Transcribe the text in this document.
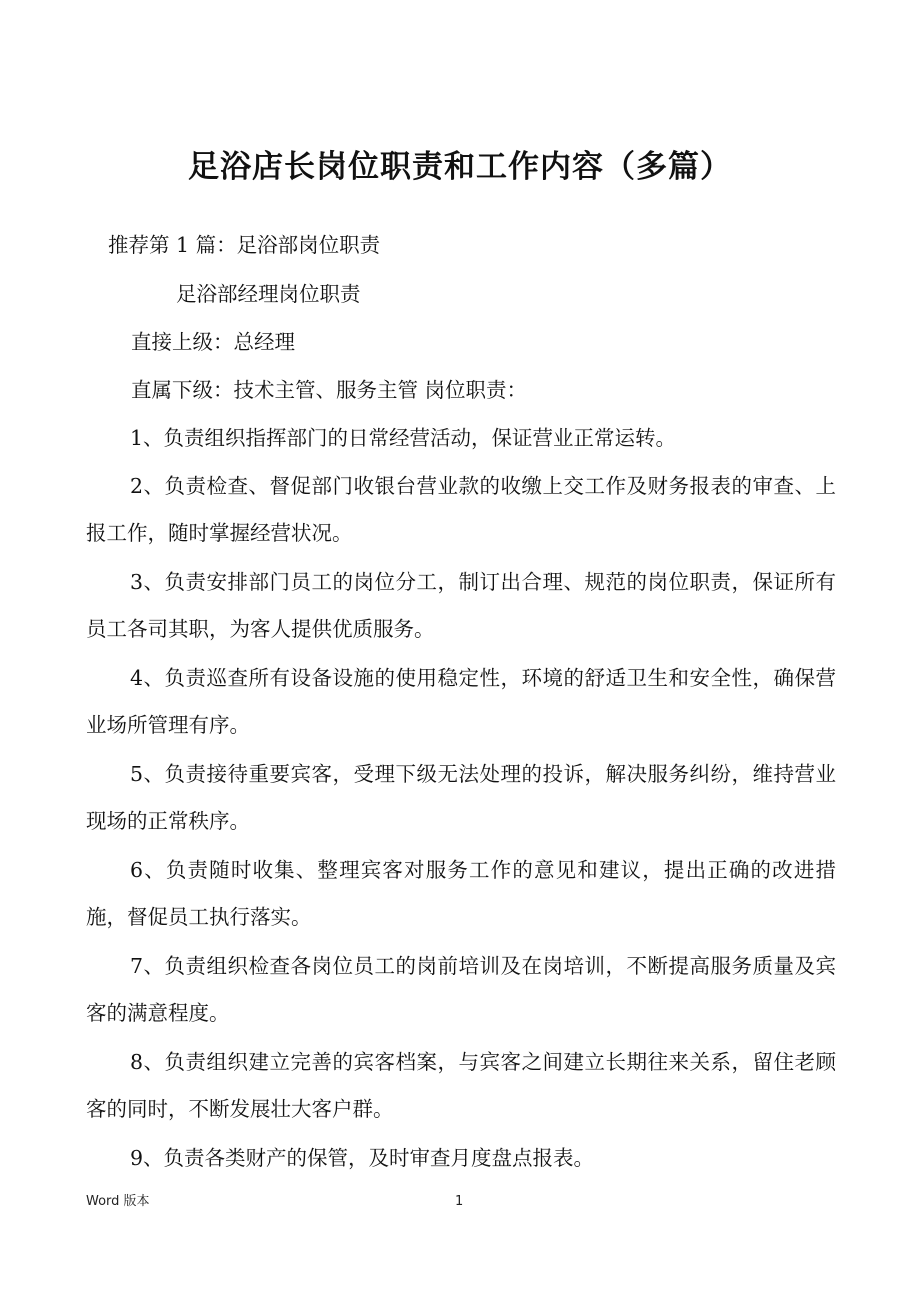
足浴店长岗位职责和工作内容（多篇）

推荐第 1 篇：足浴部岗位职责

足浴部经理岗位职责

直接上级：总经理

直属下级：技术主管、服务主管 岗位职责：

1、负责组织指挥部门的日常经营活动，保证营业正常运转。

2、负责检查、督促部门收银台营业款的收缴上交工作及财务报表的审查、上报工作，随时掌握经营状况。

3、负责安排部门员工的岗位分工，制订出合理、规范的岗位职责，保证所有员工各司其职，为客人提供优质服务。

4、负责巡查所有设备设施的使用稳定性，环境的舒适卫生和安全性，确保营业场所管理有序。

5、负责接待重要宾客，受理下级无法处理的投诉，解决服务纠纷，维持营业现场的正常秩序。

6、负责随时收集、整理宾客对服务工作的意见和建议，提出正确的改进措施，督促员工执行落实。

7、负责组织检查各岗位员工的岗前培训及在岗培训，不断提高服务质量及宾客的满意程度。

8、负责组织建立完善的宾客档案，与宾客之间建立长期往来关系，留住老顾客的同时，不断发展壮大客户群。

9、负责各类财产的保管，及时审查月度盘点报表。

Word 版本	1
